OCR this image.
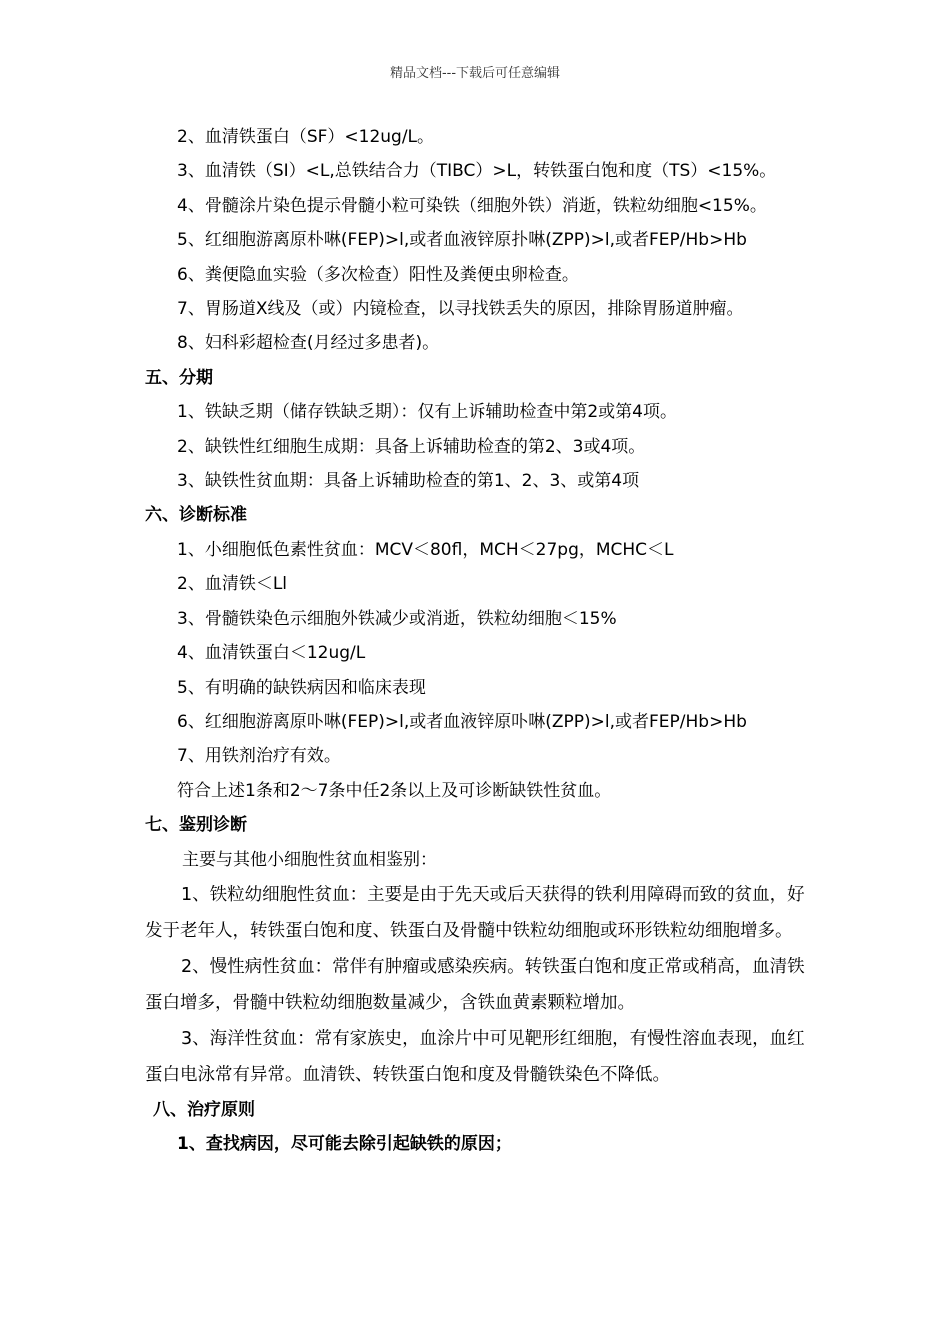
精品文档---下载后可任意编辑
2、血清铁蛋白（SF）<12ug/L。
3、血清铁（SI）<L,总铁结合力（TIBC）>L，转铁蛋白饱和度（TS）<15%。
4、骨髓涂片染色提示骨髓小粒可染铁（细胞外铁）消逝，铁粒幼细胞<15%。
5、红细胞游离原朴啉(FEP)>l,或者血液锌原扑啉(ZPP)>l,或者FEP/Hb>Hb
6、粪便隐血实验（多次检查）阳性及粪便虫卵检查。
7、胃肠道X线及（或）内镜检查，以寻找铁丢失的原因，排除胃肠道肿瘤。
8、妇科彩超检查(月经过多患者)。
五、分期
1、铁缺乏期（储存铁缺乏期）：仅有上诉辅助检查中第2或第4项。
2、缺铁性红细胞生成期：具备上诉辅助检查的第2、3或4项。
3、缺铁性贫血期：具备上诉辅助检查的第1、2、3、或第4项
六、诊断标准
1、小细胞低色素性贫血：MCV＜80fl，MCH＜27pg，MCHC＜L
2、血清铁＜Ll
3、骨髓铁染色示细胞外铁减少或消逝，铁粒幼细胞＜15%
4、血清铁蛋白＜12ug/L
5、有明确的缺铁病因和临床表现
6、红细胞游离原卟啉(FEP)>l,或者血液锌原卟啉(ZPP)>l,或者FEP/Hb>Hb
7、用铁剂治疗有效。
符合上述1条和2～7条中任2条以上及可诊断缺铁性贫血。
七、鉴别诊断
主要与其他小细胞性贫血相鉴别：
1、铁粒幼细胞性贫血：主要是由于先天或后天获得的铁利用障碍而致的贫血，好发于老年人，转铁蛋白饱和度、铁蛋白及骨髓中铁粒幼细胞或环形铁粒幼细胞增多。
2、慢性病性贫血：常伴有肿瘤或感染疾病。转铁蛋白饱和度正常或稍高，血清铁蛋白增多，骨髓中铁粒幼细胞数量减少，含铁血黄素颗粒增加。
3、海洋性贫血：常有家族史，血涂片中可见靶形红细胞，有慢性溶血表现，血红蛋白电泳常有异常。血清铁、转铁蛋白饱和度及骨髓铁染色不降低。
八、治疗原则
1、查找病因，尽可能去除引起缺铁的原因；
